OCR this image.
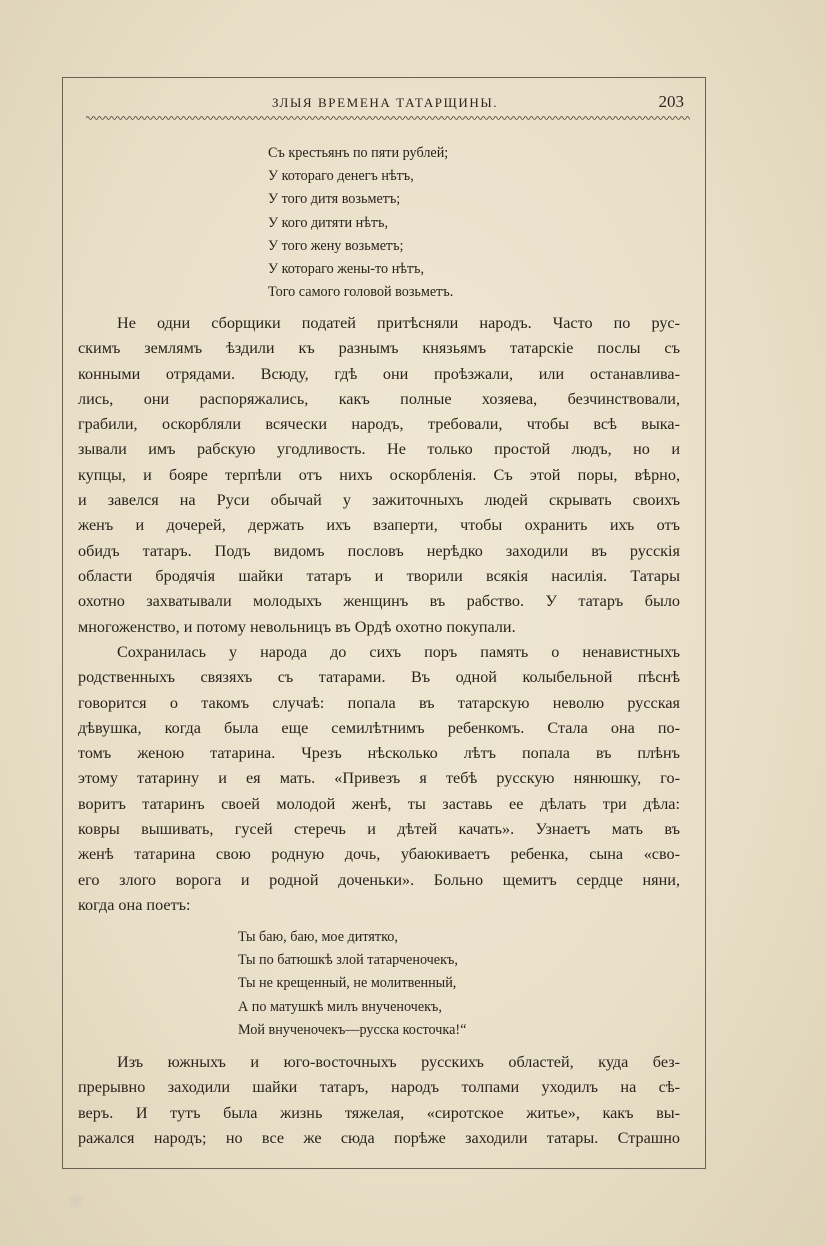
ЗЛЫЯ ВРЕМЕНА ТАТАРЩИНЫ.	203
Съ крестьянъ по пяти рублей;
У котораго денегъ нѣтъ,
У того дитя возьметъ;
У кого дитяти нѣтъ,
У того жену возьметъ;
У котораго жены-то нѣтъ,
Того самого головой возьметъ.
Не одни сборщики податей притѣсняли народъ. Часто по рус-
скимъ землямъ ѣздили къ разнымъ князьямъ татарскіе послы съ
конными отрядами. Всюду, гдѣ они проѣзжали, или останавлива-
лись, они распоряжались, какъ полные хозяева, безчинствовали,
грабили, оскорбляли всячески народъ, требовали, чтобы всѣ выка-
зывали имъ рабскую угодливость. Не только простой людъ, но и
купцы, и бояре терпѣли отъ нихъ оскорбленія. Съ этой поры, вѣрно,
и завелся на Руси обычай у зажиточныхъ людей скрывать своихъ
женъ и дочерей, держать ихъ взаперти, чтобы охранить ихъ отъ
обидъ татаръ. Подъ видомъ пословъ нерѣдко заходили въ русскія
области бродячія шайки татаръ и творили всякія насилія. Татары
охотно захватывали молодыхъ женщинъ въ рабство. У татаръ было
многоженство, и потому невольницъ въ Ордѣ охотно покупали.
Сохранилась у народа до сихъ поръ память о ненавистныхъ
родственныхъ связяхъ съ татарами. Въ одной колыбельной пѣснѣ
говорится о такомъ случаѣ: попала въ татарскую неволю русская
дѣвушка, когда была еще семилѣтнимъ ребенкомъ. Стала она по-
томъ женою татарина. Чрезъ нѣсколько лѣтъ попала въ плѣнъ
этому татарину и ея мать. «Привезъ я тебѣ русскую нянюшку, го-
воритъ татаринъ своей молодой женѣ, ты заставь ее дѣлать три дѣла:
ковры вышивать, гусей стеречь и дѣтей качать». Узнаетъ мать въ
женѣ татарина свою родную дочь, убаюкиваетъ ребенка, сына «сво-
его злого ворога и родной доченьки». Больно щемитъ сердце няни,
когда она поетъ:
Ты баю, баю, мое дитятко,
Ты по батюшкѣ злой татарченочекъ,
Ты не крещенный, не молитвенный,
А по матушкѣ милъ внученочекъ,
Мой внученочекъ—русска косточка!“
Изъ южныхъ и юго-восточныхъ русскихъ областей, куда без-
прерывно заходили шайки татаръ, народъ толпами уходилъ на сѣ-
веръ. И тутъ была жизнь тяжелая, «сиротское житье», какъ вы-
ражался народъ; но все же сюда порѣже заходили татары. Страшно
